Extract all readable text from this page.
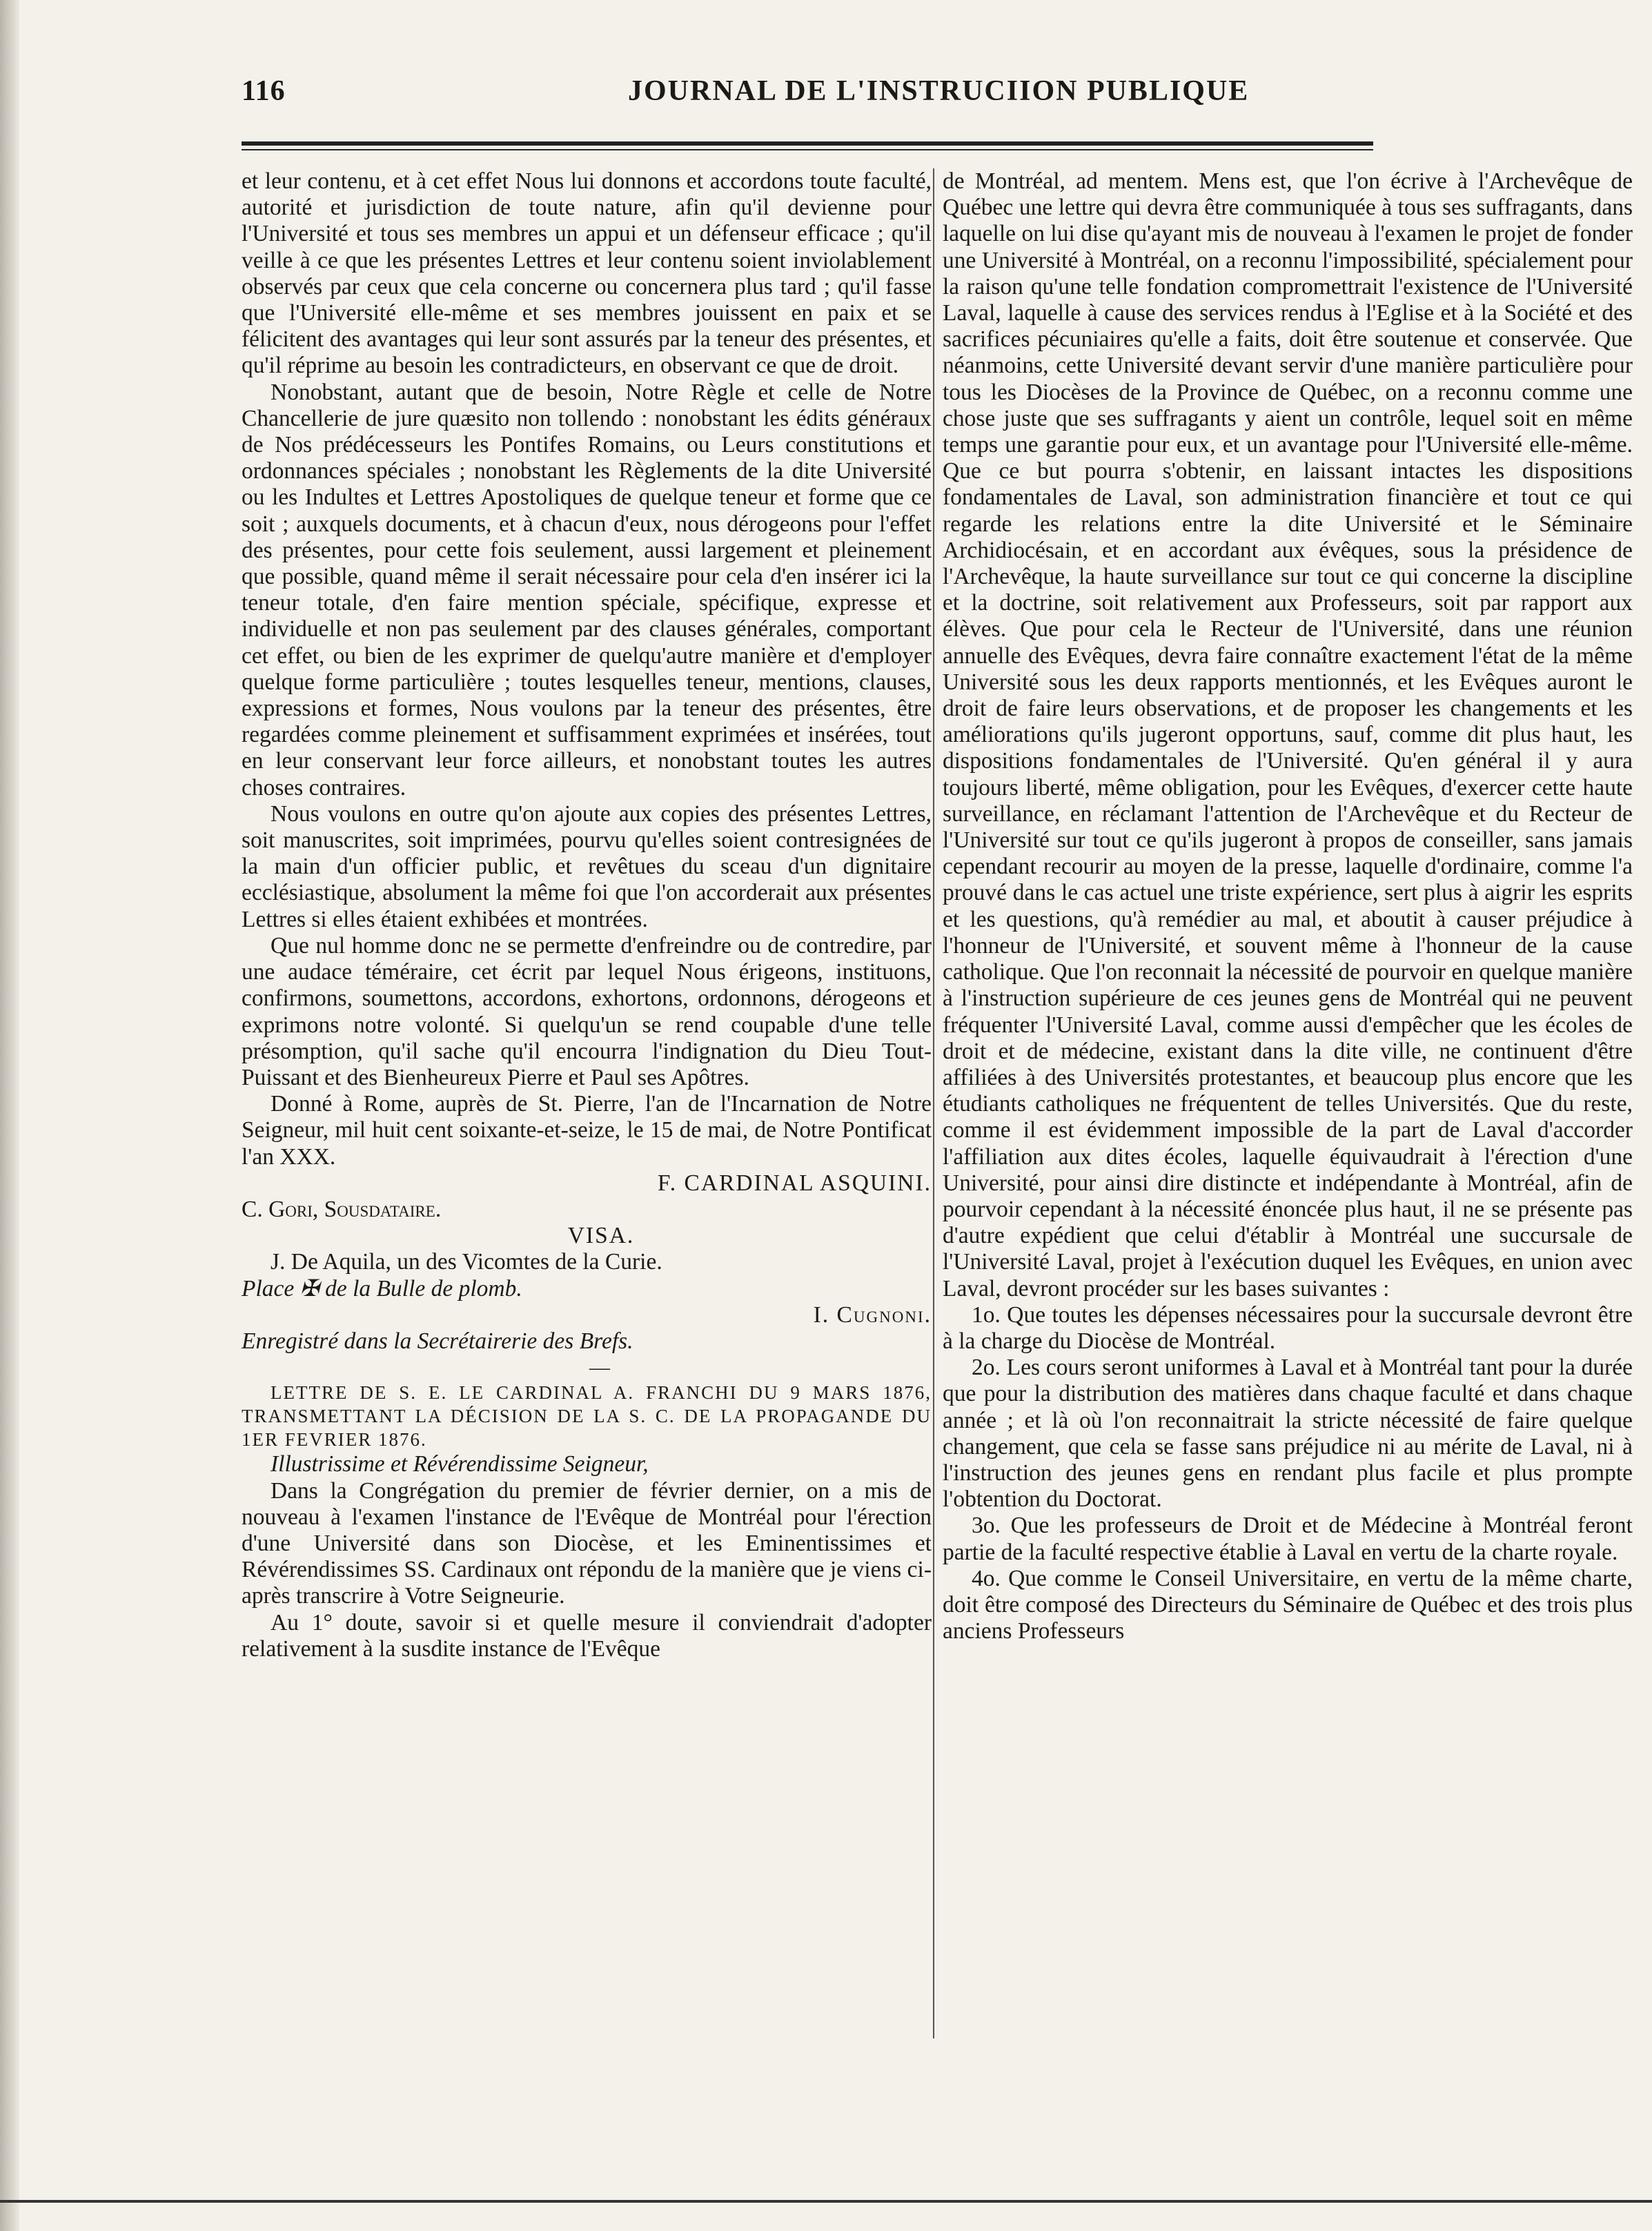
116	JOURNAL DE L'INSTRUCIION PUBLIQUE

et leur contenu, et à cet effet Nous lui donnons et accordons toute faculté, autorité et jurisdiction de toute nature, afin qu'il devienne pour l'Université et tous ses membres un appui et un défenseur efficace ; qu'il veille à ce que les présentes Lettres et leur contenu soient inviolablement observés par ceux que cela concerne ou concernera plus tard ; qu'il fasse que l'Université elle-même et ses membres jouissent en paix et se félicitent des avantages qui leur sont assurés par la teneur des présentes, et qu'il réprime au besoin les contradicteurs, en observant ce que de droit.

Nonobstant, autant que de besoin, Notre Règle et celle de Notre Chancellerie de jure quæsito non tollendo : nonobstant les édits généraux de Nos prédécesseurs les Pontifes Romains, ou Leurs constitutions et ordonnances spéciales ; nonobstant les Règlements de la dite Université ou les Indultes et Lettres Apostoliques de quelque teneur et forme que ce soit ; auxquels documents, et à chacun d'eux, nous dérogeons pour l'effet des présentes, pour cette fois seulement, aussi largement et pleinement que possible, quand même il serait nécessaire pour cela d'en insérer ici la teneur totale, d'en faire mention spéciale, spécifique, expresse et individuelle et non pas seulement par des clauses générales, comportant cet effet, ou bien de les exprimer de quelqu'autre manière et d'employer quelque forme particulière ; toutes lesquelles teneur, mentions, clauses, expressions et formes, Nous voulons par la teneur des présentes, être regardées comme pleinement et suffisamment exprimées et insérées, tout en leur conservant leur force ailleurs, et nonobstant toutes les autres choses contraires.

Nous voulons en outre qu'on ajoute aux copies des présentes Lettres, soit manuscrites, soit imprimées, pourvu qu'elles soient contresignées de la main d'un officier public, et revêtues du sceau d'un dignitaire ecclésiastique, absolument la même foi que l'on accorderait aux présentes Lettres si elles étaient exhibées et montrées.

Que nul homme donc ne se permette d'enfreindre ou de contredire, par une audace téméraire, cet écrit par lequel Nous érigeons, instituons, confirmons, soumettons, accordons, exhortons, ordonnons, dérogeons et exprimons notre volonté. Si quelqu'un se rend coupable d'une telle présomption, qu'il sache qu'il encourra l'indignation du Dieu Tout-Puissant et des Bienheureux Pierre et Paul ses Apôtres.

Donné à Rome, auprès de St. Pierre, l'an de l'Incarnation de Notre Seigneur, mil huit cent soixante-et-seize, le 15 de mai, de Notre Pontificat l'an XXX.

F. CARDINAL ASQUINI.

C. Gori, Sousdataire.

VISA.

J. De Aquila, un des Vicomtes de la Curie.

Place ✠ de la Bulle de plomb.

I. Cugnoni.

Enregistré dans la Secrétairerie des Brefs.

—

LETTRE DE S. E. LE CARDINAL A. FRANCHI DU 9 MARS 1876, TRANSMETTANT LA DÉCISION DE LA S. C. DE LA PROPAGANDE DU 1ER FEVRIER 1876.

Illustrissime et Révérendissime Seigneur,

Dans la Congrégation du premier de février dernier, on a mis de nouveau à l'examen l'instance de l'Evêque de Montréal pour l'érection d'une Université dans son Diocèse, et les Eminentissimes et Révérendissimes SS. Cardinaux ont répondu de la manière que je viens ci-après transcrire à Votre Seigneurie.

Au 1° doute, savoir si et quelle mesure il conviendrait d'adopter relativement à la susdite instance de l'Evêque

de Montréal, ad mentem. Mens est, que l'on écrive à l'Archevêque de Québec une lettre qui devra être communiquée à tous ses suffragants, dans laquelle on lui dise qu'ayant mis de nouveau à l'examen le projet de fonder une Université à Montréal, on a reconnu l'impossibilité, spécialement pour la raison qu'une telle fondation compromettrait l'existence de l'Université Laval, laquelle à cause des services rendus à l'Eglise et à la Société et des sacrifices pécuniaires qu'elle a faits, doit être soutenue et conservée. Que néanmoins, cette Université devant servir d'une manière particulière pour tous les Diocèses de la Province de Québec, on a reconnu comme une chose juste que ses suffragants y aient un contrôle, lequel soit en même temps une garantie pour eux, et un avantage pour l'Université elle-même. Que ce but pourra s'obtenir, en laissant intactes les dispositions fondamentales de Laval, son administration financière et tout ce qui regarde les relations entre la dite Université et le Séminaire Archidiocésain, et en accordant aux évêques, sous la présidence de l'Archevêque, la haute surveillance sur tout ce qui concerne la discipline et la doctrine, soit relativement aux Professeurs, soit par rapport aux élèves. Que pour cela le Recteur de l'Université, dans une réunion annuelle des Evêques, devra faire connaître exactement l'état de la même Université sous les deux rapports mentionnés, et les Evêques auront le droit de faire leurs observations, et de proposer les changements et les améliorations qu'ils jugeront opportuns, sauf, comme dit plus haut, les dispositions fondamentales de l'Université. Qu'en général il y aura toujours liberté, même obligation, pour les Evêques, d'exercer cette haute surveillance, en réclamant l'attention de l'Archevêque et du Recteur de l'Université sur tout ce qu'ils jugeront à propos de conseiller, sans jamais cependant recourir au moyen de la presse, laquelle d'ordinaire, comme l'a prouvé dans le cas actuel une triste expérience, sert plus à aigrir les esprits et les questions, qu'à remédier au mal, et aboutit à causer préjudice à l'honneur de l'Université, et souvent même à l'honneur de la cause catholique. Que l'on reconnait la nécessité de pourvoir en quelque manière à l'instruction supérieure de ces jeunes gens de Montréal qui ne peuvent fréquenter l'Université Laval, comme aussi d'empêcher que les écoles de droit et de médecine, existant dans la dite ville, ne continuent d'être affiliées à des Universités protestantes, et beaucoup plus encore que les étudiants catholiques ne fréquentent de telles Universités. Que du reste, comme il est évidemment impossible de la part de Laval d'accorder l'affiliation aux dites écoles, laquelle équivaudrait à l'érection d'une Université, pour ainsi dire distincte et indépendante à Montréal, afin de pourvoir cependant à la nécessité énoncée plus haut, il ne se présente pas d'autre expédient que celui d'établir à Montréal une succursale de l'Université Laval, projet à l'exécution duquel les Evêques, en union avec Laval, devront procéder sur les bases suivantes :

1o. Que toutes les dépenses nécessaires pour la succursale devront être à la charge du Diocèse de Montréal.

2o. Les cours seront uniformes à Laval et à Montréal tant pour la durée que pour la distribution des matières dans chaque faculté et dans chaque année ; et là où l'on reconnaitrait la stricte nécessité de faire quelque changement, que cela se fasse sans préjudice ni au mérite de Laval, ni à l'instruction des jeunes gens en rendant plus facile et plus prompte l'obtention du Doctorat.

3o. Que les professeurs de Droit et de Médecine à Montréal feront partie de la faculté respective établie à Laval en vertu de la charte royale.

4o. Que comme le Conseil Universitaire, en vertu de la même charte, doit être composé des Directeurs du Séminaire de Québec et des trois plus anciens Professeurs
